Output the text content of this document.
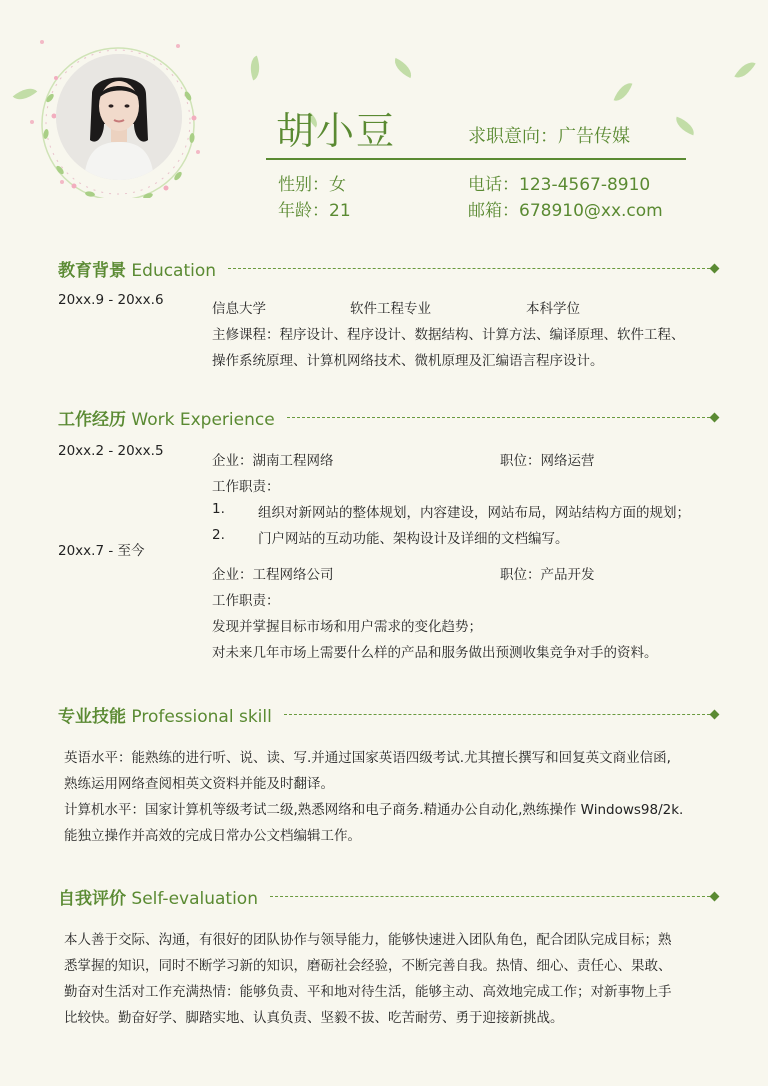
胡小豆	求职意向：广告传媒
性别：女
年龄：21
电话：123-4567-8910
邮箱：678910@xx.com
教育背景 Education
20xx.9 - 20xx.6
信息大学	软件工程专业	本科学位
主修课程：程序设计、程序设计、数据结构、计算方法、编译原理、软件工程、
操作系统原理、计算机网络技术、微机原理及汇编语言程序设计。
工作经历 Work Experience
20xx.2 - 20xx.5
企业：湖南工程网络	职位：网络运营
工作职责：
1. 组织对新网站的整体规划，内容建设，网站布局，网站结构方面的规划；
2. 门户网站的互动功能、架构设计及详细的文档编写。
20xx.7 - 至今
企业：工程网络公司	职位：产品开发
工作职责：
发现并掌握目标市场和用户需求的变化趋势；
对未来几年市场上需要什么样的产品和服务做出预测收集竞争对手的资料。
专业技能 Professional skill
英语水平：能熟练的进行听、说、读、写.并通过国家英语四级考试.尤其擅长撰写和回复英文商业信函,
熟练运用网络查阅相英文资料并能及时翻译。
计算机水平：国家计算机等级考试二级,熟悉网络和电子商务.精通办公自动化,熟练操作 Windows98/2k.
能独立操作并高效的完成日常办公文档编辑工作。
自我评价 Self-evaluation
本人善于交际、沟通，有很好的团队协作与领导能力，能够快速进入团队角色，配合团队完成目标；熟
悉掌握的知识，同时不断学习新的知识，磨砺社会经验，不断完善自我。热情、细心、责任心、果敢、
勤奋对生活对工作充满热情：能够负责、平和地对待生活，能够主动、高效地完成工作；对新事物上手
比较快。勤奋好学、脚踏实地、认真负责、坚毅不拔、吃苦耐劳、勇于迎接新挑战。
